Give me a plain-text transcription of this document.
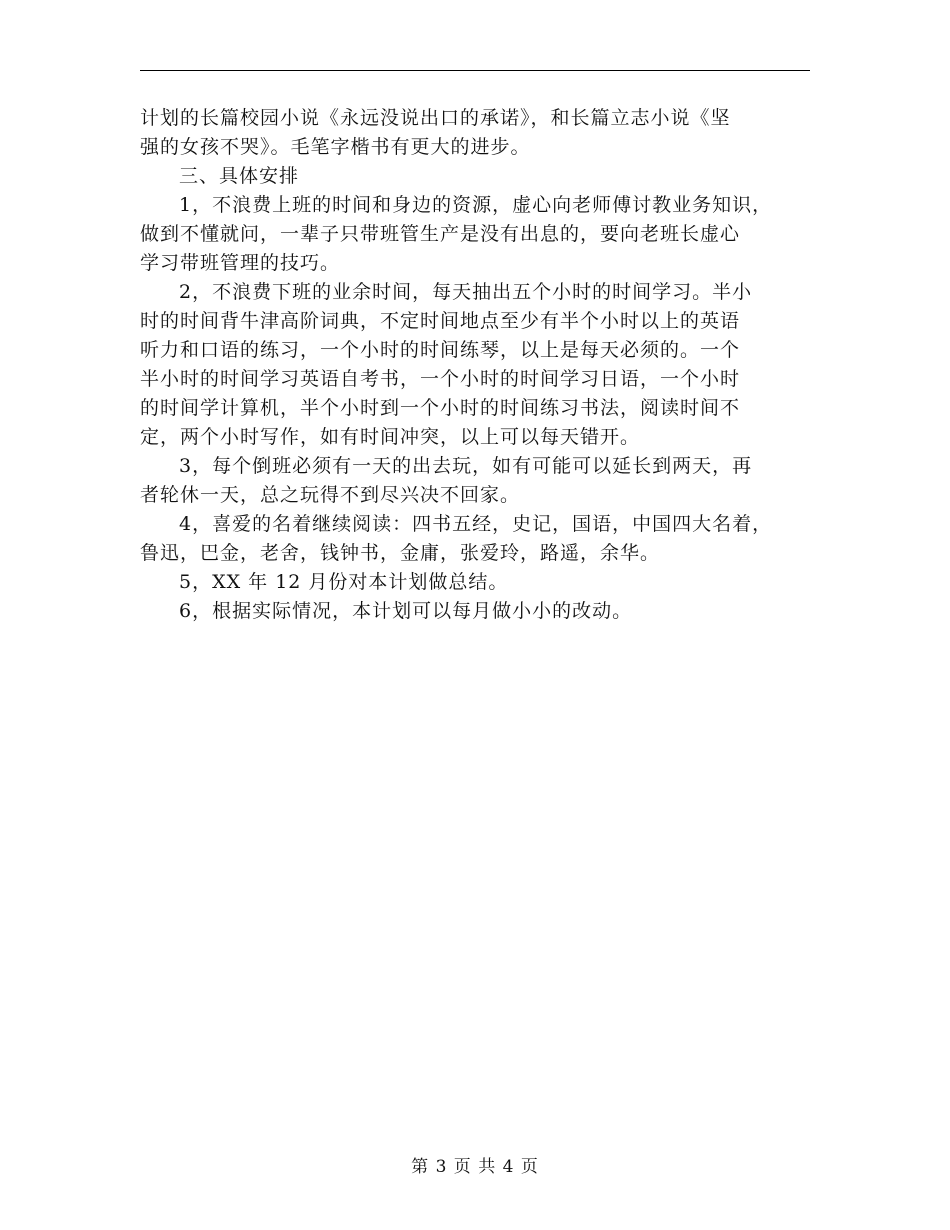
计划的长篇校园小说《永远没说出口的承诺》，和长篇立志小说《坚
强的女孩不哭》。毛笔字楷书有更大的进步。
三、具体安排
1，不浪费上班的时间和身边的资源，虚心向老师傅讨教业务知识，
做到不懂就问，一辈子只带班管生产是没有出息的，要向老班长虚心
学习带班管理的技巧。
2，不浪费下班的业余时间，每天抽出五个小时的时间学习。半小
时的时间背牛津高阶词典，不定时间地点至少有半个小时以上的英语
听力和口语的练习，一个小时的时间练琴，以上是每天必须的。一个
半小时的时间学习英语自考书，一个小时的时间学习日语，一个小时
的时间学计算机，半个小时到一个小时的时间练习书法，阅读时间不
定，两个小时写作，如有时间冲突，以上可以每天错开。
3，每个倒班必须有一天的出去玩，如有可能可以延长到两天，再
者轮休一天，总之玩得不到尽兴决不回家。
4，喜爱的名着继续阅读：四书五经，史记，国语，中国四大名着，
鲁迅，巴金，老舍，钱钟书，金庸，张爱玲，路遥，余华。
5，XX 年 12 月份对本计划做总结。
6，根据实际情况，本计划可以每月做小小的改动。
第 3 页 共 4 页
